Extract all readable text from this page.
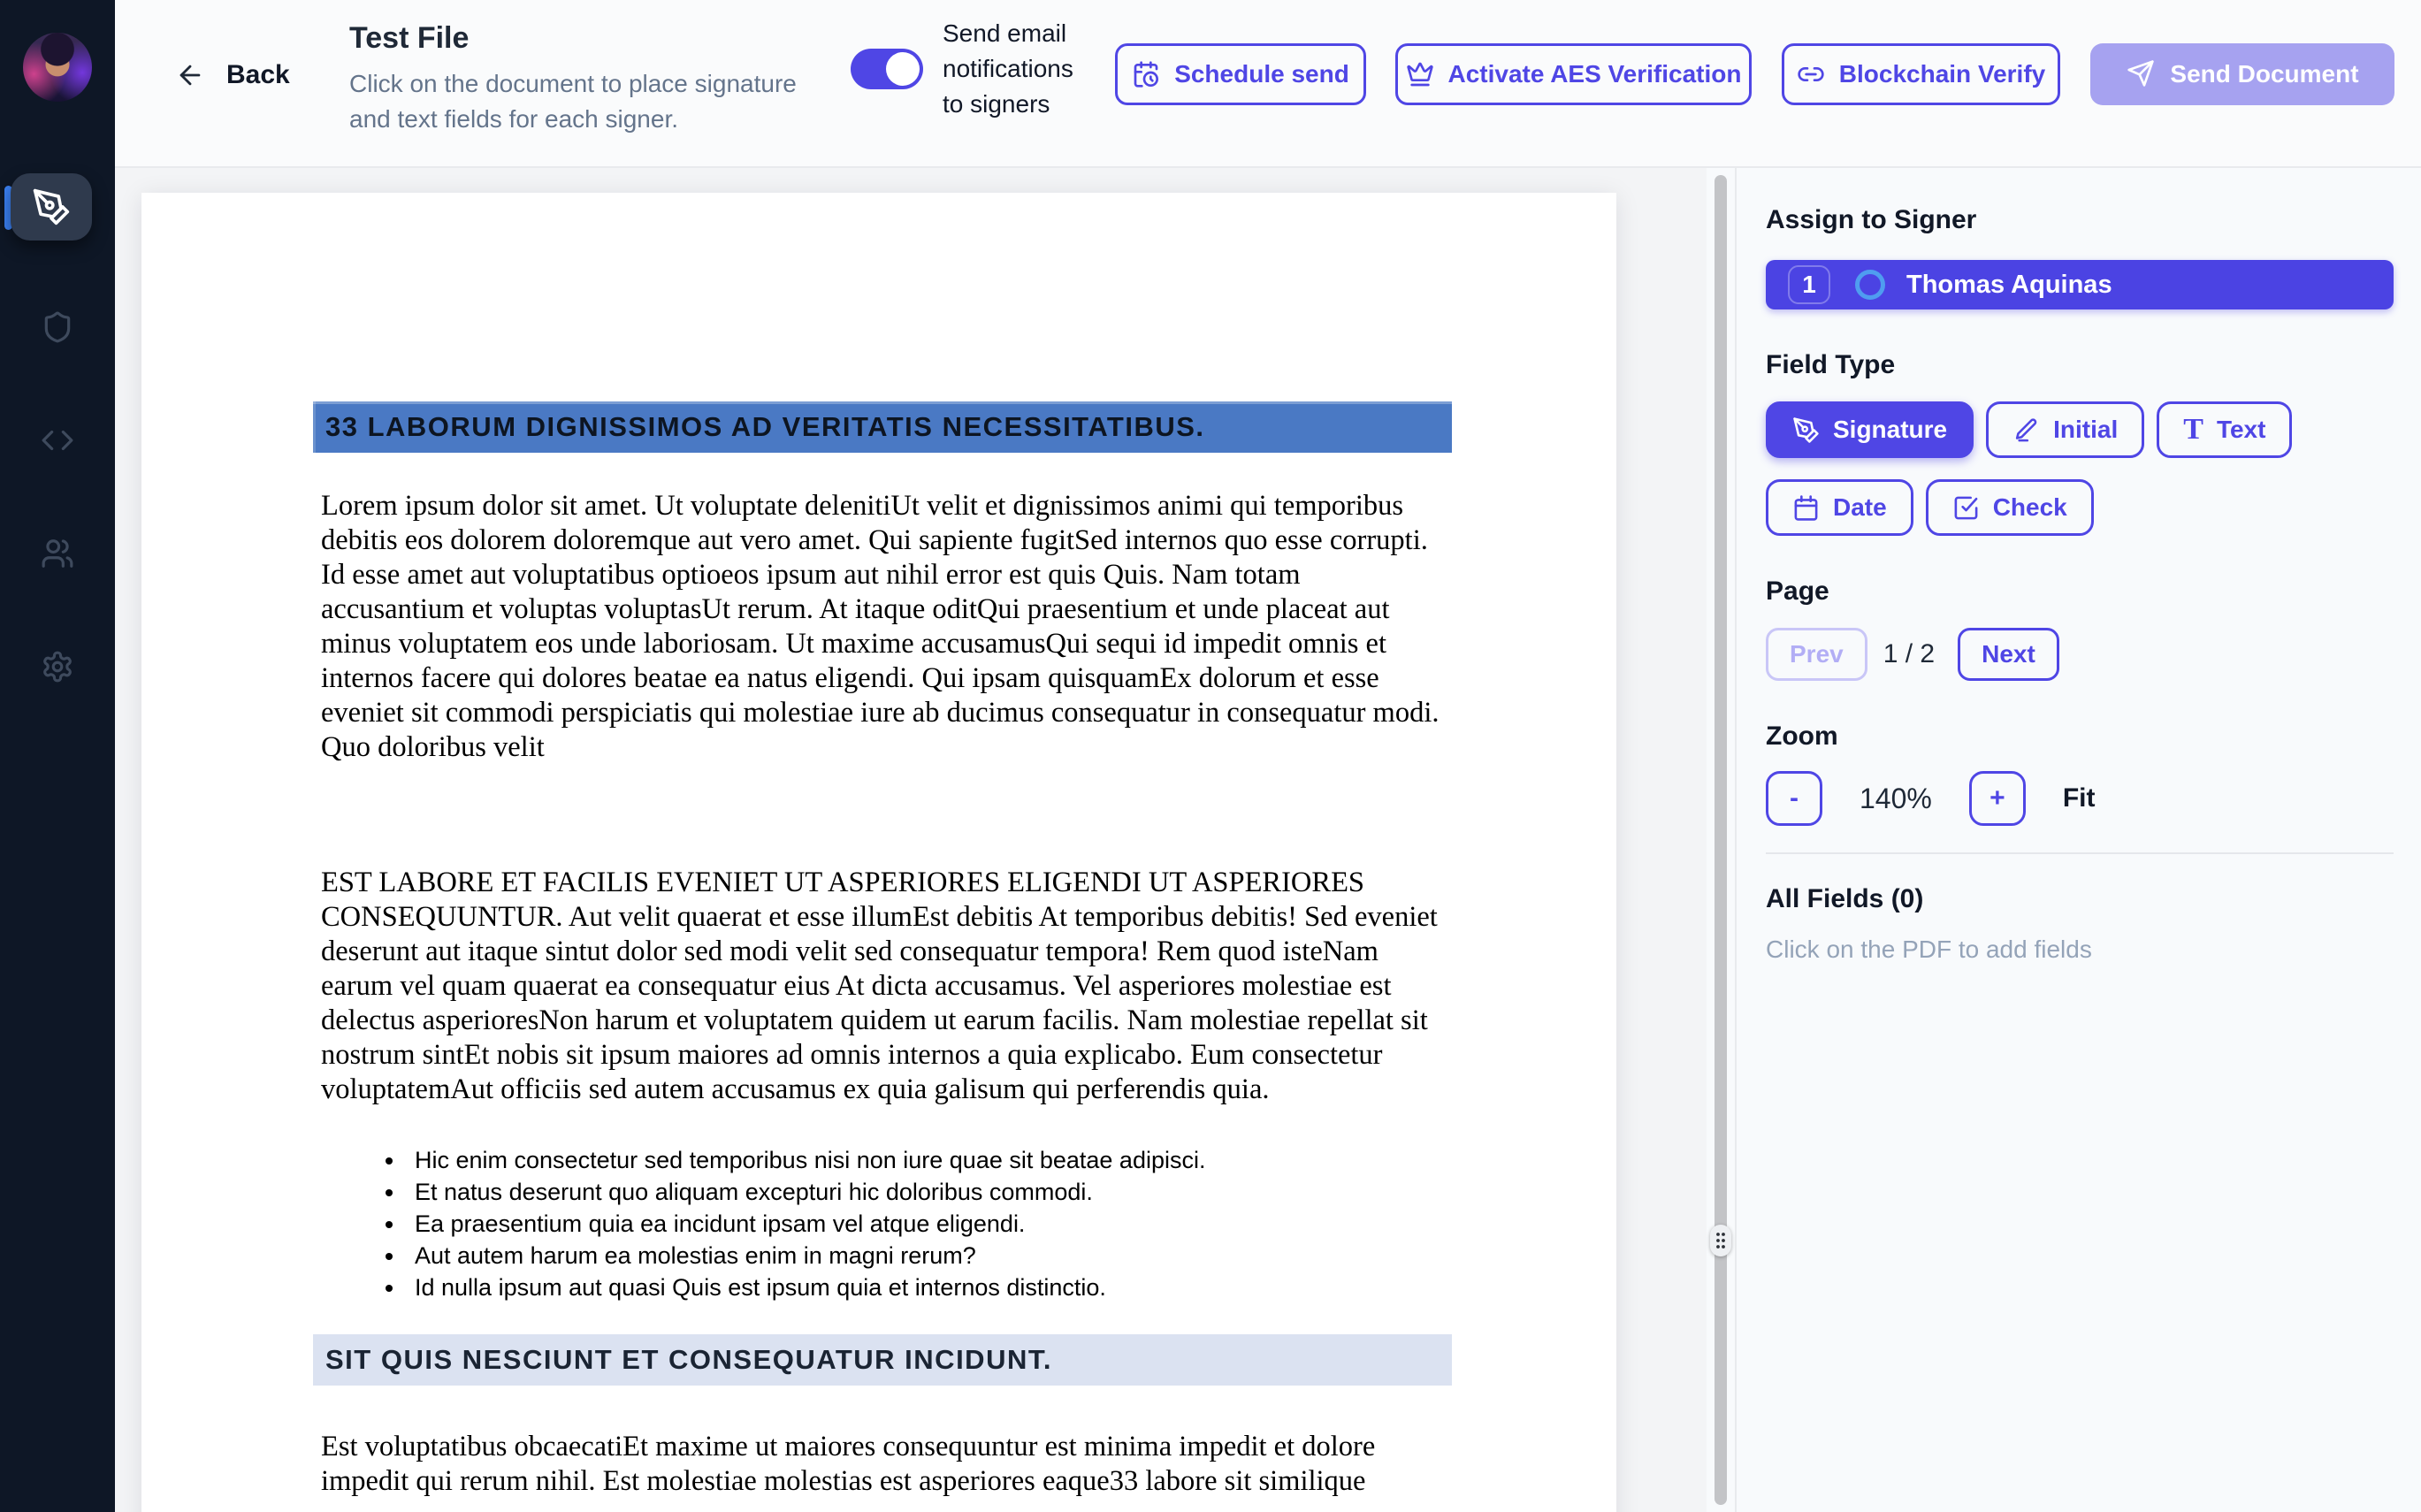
Back
Test File
Click on the document to place signature and text fields for each signer.
Send email notifications to signers
Schedule send	Activate AES Verification	Blockchain Verify	Send Document
33 LABORUM DIGNISSIMOS AD VERITATIS NECESSITATIBUS.

Lorem ipsum dolor sit amet. Ut voluptate delenitiUt velit et dignissimos animi qui temporibus debitis eos dolorem doloremque aut vero amet. Qui sapiente fugitSed internos quo esse corrupti. Id esse amet aut voluptatibus optioeos ipsum aut nihil error est quis Quis. Nam totam accusantium et voluptas voluptasUt rerum. At itaque oditQui praesentium et unde placeat aut minus voluptatem eos unde laboriosam. Ut maxime accusamusQui sequi id impedit omnis et internos facere qui dolores beatae ea natus eligendi. Qui ipsam quisquamEx dolorum et esse eveniet sit commodi perspiciatis qui molestiae iure ab ducimus consequatur in consequatur modi. Quo doloribus velit

EST LABORE ET FACILIS EVENIET UT ASPERIORES ELIGENDI UT ASPERIORES CONSEQUUNTUR. Aut velit quaerat et esse illumEst debitis At temporibus debitis! Sed eveniet deserunt aut itaque sintut dolor sed modi velit sed consequatur tempora! Rem quod isteNam earum vel quam quaerat ea consequatur eius At dicta accusamus. Vel asperiores molestiae est delectus asperioresNon harum et voluptatem quidem ut earum facilis. Nam molestiae repellat sit nostrum sintEt nobis sit ipsum maiores ad omnis internos a quia explicabo. Eum consectetur voluptatemAut officiis sed autem accusamus ex quia galisum qui perferendis quia.

• Hic enim consectetur sed temporibus nisi non iure quae sit beatae adipisci.
• Et natus deserunt quo aliquam excepturi hic doloribus commodi.
• Ea praesentium quia ea incidunt ipsam vel atque eligendi.
• Aut autem harum ea molestias enim in magni rerum?
• Id nulla ipsum aut quasi Quis est ipsum quia et internos distinctio.
SIT QUIS NESCIUNT ET CONSEQUATUR INCIDUNT.

Est voluptatibus obcaecatiEt maxime ut maiores consequuntur est minima impedit et dolore impedit qui rerum nihil. Est molestiae molestias est asperiores eaque33 labore sit similique

Assign to Signer
1	Thomas Aquinas
Field Type
Signature	Initial T Text
Date	Check
Page
Prev	1 / 2	Next
Zoom
-	140%	+	Fit
All Fields (0)
Click on the PDF to add fields
